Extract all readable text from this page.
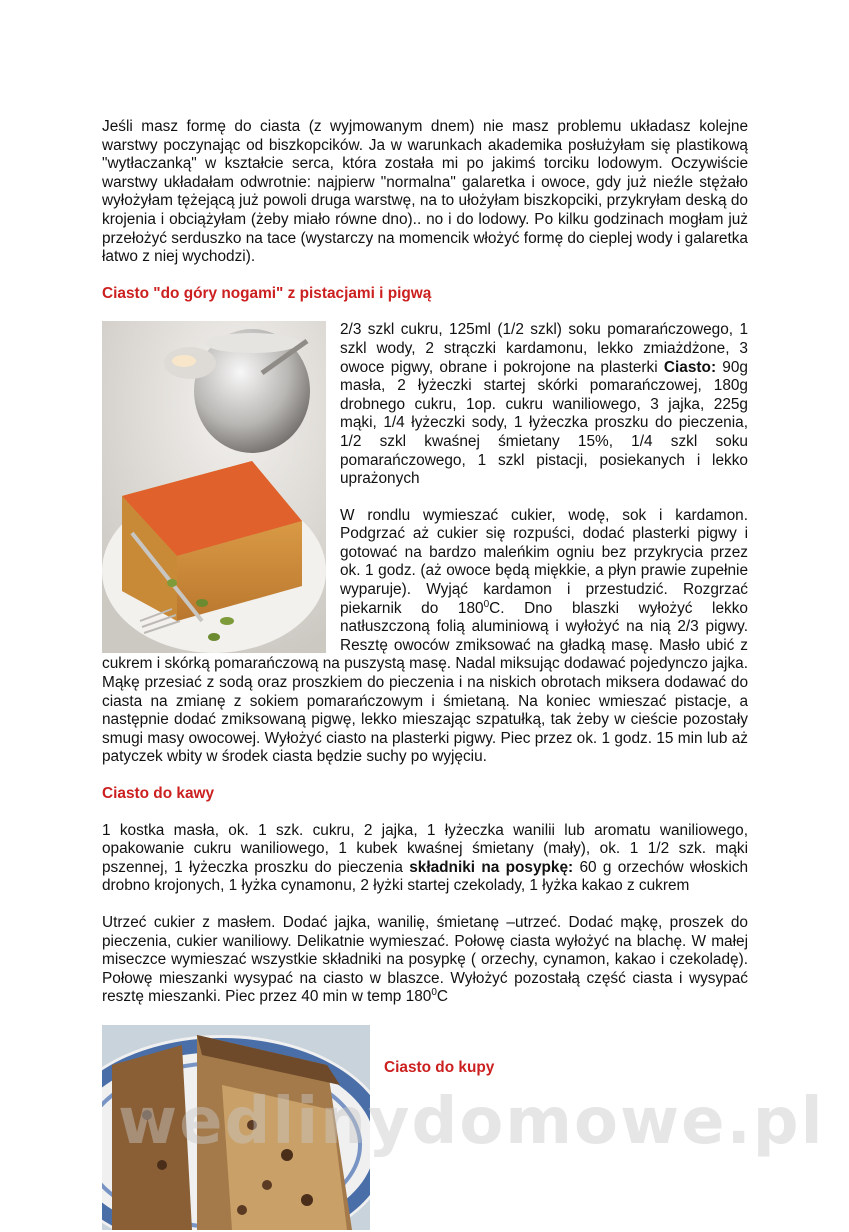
Jeśli masz formę do ciasta (z wyjmowanym dnem) nie masz problemu układasz kolejne warstwy poczynając od biszkopcików. Ja w warunkach akademika posłużyłam się plastikową "wytłaczanką" w kształcie serca, która została mi po jakimś torciku lodowym. Oczywiście warstwy układałam odwrotnie: najpierw "normalna" galaretka i owoce, gdy już nieźle stężało wyłożyłam tężejącą już powoli druga warstwę, na to ułożyłam biszkopciki, przykryłam deską do krojenia i obciążyłam (żeby miało równe dno).. no i do lodowy. Po kilku godzinach mogłam już przełożyć serduszko na tace (wystarczy na momencik włożyć formę do cieplej wody i galaretka łatwo z niej wychodzi).

Ciasto "do góry nogami" z pistacjami i pigwą

2/3 szkl cukru, 125ml (1/2 szkl) soku pomarańczowego, 1 szkl wody, 2 strączki kardamonu, lekko zmiażdżone, 3 owoce pigwy, obrane i pokrojone na plasterki Ciasto: 90g masła, 2 łyżeczki startej skórki pomarańczowej, 180g drobnego cukru, 1op. cukru waniliowego, 3 jajka, 225g mąki, 1/4 łyżeczki sody, 1 łyżeczka proszku do pieczenia, 1/2 szkl kwaśnej śmietany 15%, 1/4 szkl soku pomarańczowego, 1 szkl pistacji, posiekanych i lekko uprażonych

W rondlu wymieszać cukier, wodę, sok i kardamon. Podgrzać aż cukier się rozpuści, dodać plasterki pigwy i gotować na bardzo maleńkim ogniu bez przykrycia przez ok. 1 godz. (aż owoce będą miękkie, a płyn prawie zupełnie wyparuje). Wyjąć kardamon i przestudzić. Rozgrzać piekarnik do $180^0C$. Dno blaszki wyłożyć lekko natłuszczoną folią aluminiową i wyłożyć na nią 2/3 pigwy. Resztę owoców zmiksować na gładką masę. Masło ubić z cukrem i skórką pomarańczową na puszystą masę. Nadal miksując dodawać pojedynczo jajka. Mąkę przesiać z sodą oraz proszkiem do pieczenia i na niskich obrotach miksera dodawać do ciasta na zmianę z sokiem pomarańczowym i śmietaną. Na koniec wmieszać pistacje, a następnie dodać zmiksowaną pigwę, lekko mieszając szpatułką, tak żeby w cieście pozostały smugi masy owocowej. Wyłożyć ciasto na plasterki pigwy. Piec przez ok. 1 godz. 15 min lub aż patyczek wbity w środek ciasta będzie suchy po wyjęciu.

Ciasto do kawy

1 kostka masła, ok. 1 szk. cukru, 2 jajka, 1 łyżeczka wanilii lub aromatu waniliowego, opakowanie cukru waniliowego, 1 kubek kwaśnej śmietany (mały), ok. 1 1/2 szk. mąki pszennej, 1 łyżeczka proszku do pieczenia składniki na posypkę: 60 g orzechów włoskich drobno krojonych, 1 łyżka cynamonu, 2 łyżki startej czekolady, 1 łyżka kakao z cukrem

Utrzeć cukier z masłem. Dodać jajka, wanilię, śmietanę –utrzeć. Dodać mąkę, proszek do pieczenia, cukier waniliowy. Delikatnie wymieszać. Połowę ciasta wyłożyć na blachę. W małej miseczce wymieszać wszystkie składniki na posypkę ( orzechy, cynamon, kakao i czekoladę). Połowę mieszanki wysypać na ciasto w blaszce. Wyłożyć pozostałą część ciasta i wysypać resztę mieszanki. Piec przez 40 min w temp $180^0C$

Ciasto do kupy
wedlinydomowe.pl
